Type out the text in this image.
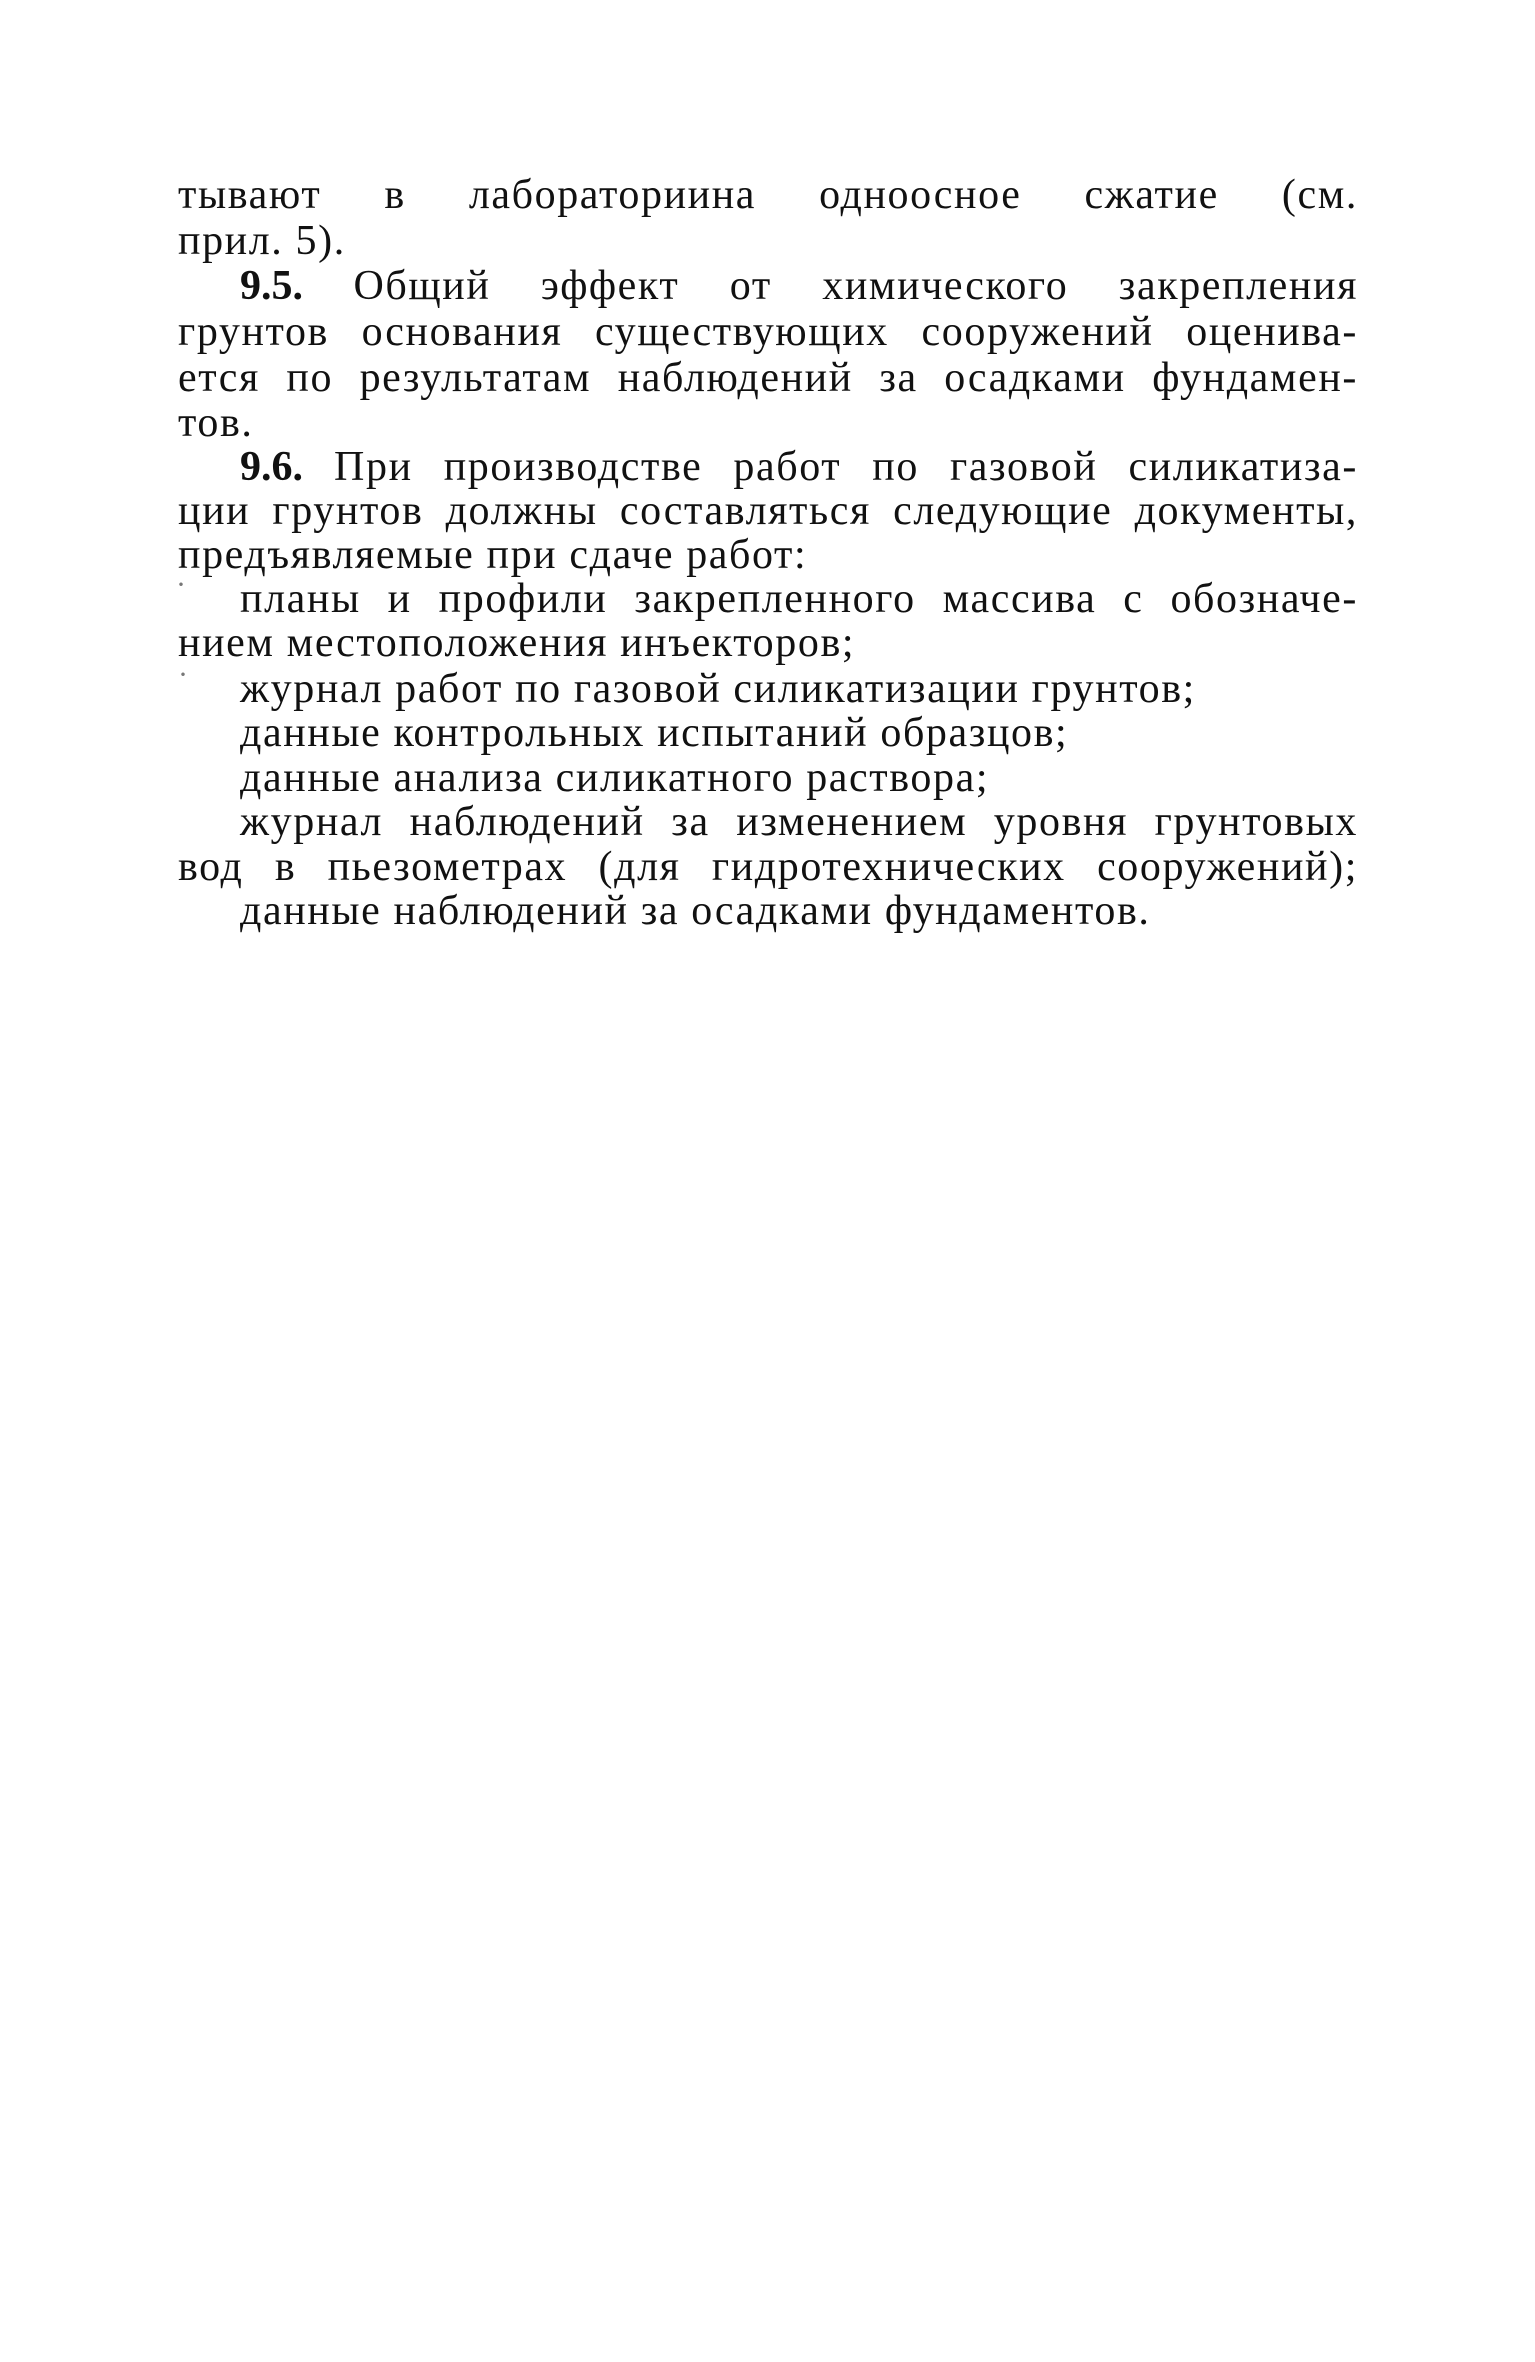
тывают в лабораториина одноосное сжатие (см.
прил. 5).
9.5. Общий эффект от химического закрепления
грунтов основания существующих сооружений оценива-
ется по результатам наблюдений за осадками фундамен-
тов.
9.6. При производстве работ по газовой силикатиза-
ции грунтов должны составляться следующие документы,
предъявляемые при сдаче работ:
планы и профили закрепленного массива с обозначе-
нием местоположения инъекторов;
журнал работ по газовой силикатизации грунтов;
данные контрольных испытаний образцов;
данные анализа силикатного раствора;
журнал наблюдений за изменением уровня грунтовых
вод в пьезометрах (для гидротехнических сооружений);
данные наблюдений за осадками фундаментов.
·
·
